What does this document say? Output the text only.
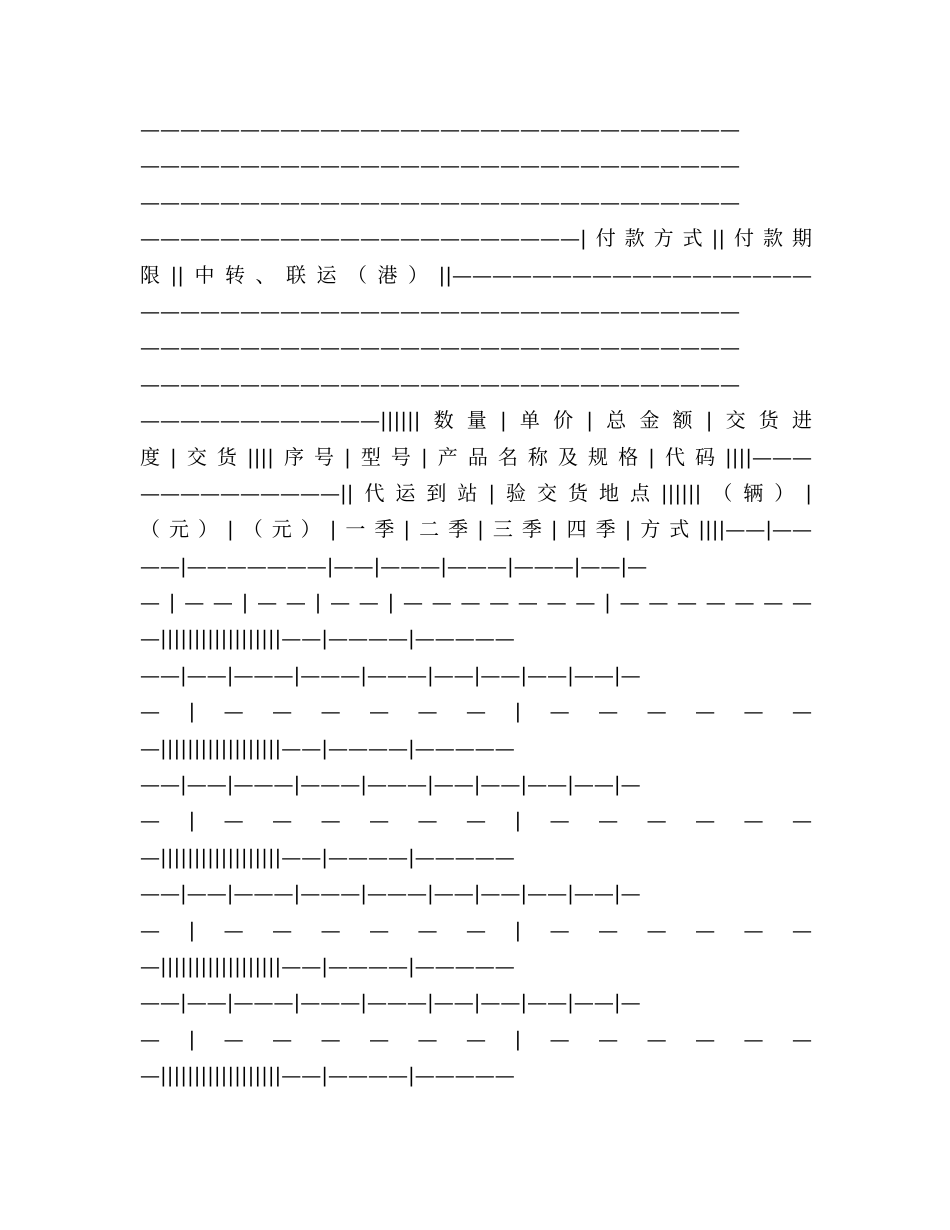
——————————————————————————————
——————————————————————————————
——————————————————————————————
——————————————————————|付款方式||付款期
限||中转、联运（港）||——————————————————
——————————————————————————————
——————————————————————————————
——————————————————————————————
————————————||||||数量|单价|总金额|交货进
度|交货||||序号|型号|产品名称及规格|代码||||———
——————————||代运到站|验交货地点||||||（辆）|
（元）|（元）|一季|二季|三季|四季|方式||||——|——
——|———————|——|———|———|———|——|—
— | — — | — — | — — | — — — — — — — | — — — — — — —
—||||||||||||||||||——|————|—————
——|——|———|———|———|——|——|——|——|—
— | — — — — — — | — — — — — —
—||||||||||||||||||——|————|—————
——|——|———|———|———|——|——|——|——|—
— | — — — — — — | — — — — — —
—||||||||||||||||||——|————|—————
——|——|———|———|———|——|——|——|——|—
— | — — — — — — | — — — — — —
—||||||||||||||||||——|————|—————
——|——|———|———|———|——|——|——|——|—
— | — — — — — — | — — — — — —
—||||||||||||||||||——|————|—————
